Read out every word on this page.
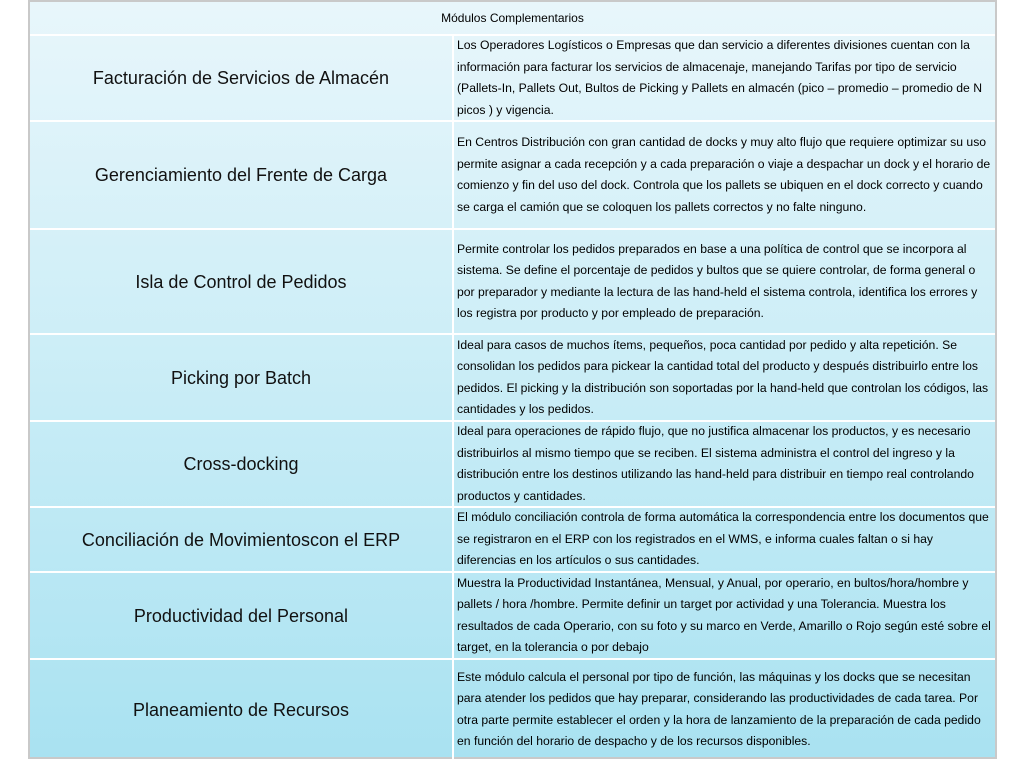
Módulos Complementarios
Facturación de Servicios de Almacén
Los Operadores Logísticos o Empresas que dan servicio a diferentes divisiones cuentan con la información para facturar los servicios de almacenaje, manejando Tarifas por tipo de servicio (Pallets-In, Pallets Out, Bultos de Picking y Pallets en almacén (pico – promedio – promedio de N picos ) y vigencia.
Gerenciamiento del Frente de Carga
En Centros Distribución con gran cantidad de docks y muy alto flujo que requiere optimizar su uso permite asignar a cada recepción y a cada preparación o viaje a despachar un dock y el horario de comienzo y fin del uso del dock. Controla que los pallets se ubiquen en el dock correcto y cuando se carga el camión que se coloquen los pallets correctos y no falte ninguno.
Isla de Control de Pedidos
Permite controlar los pedidos preparados en base a una política de control que se incorpora al sistema. Se define el porcentaje de pedidos y bultos que se quiere controlar, de forma general o por preparador y mediante la lectura de las hand-held el sistema controla, identifica los errores y los registra por producto y por empleado de preparación.
Picking por Batch
Ideal para casos de muchos ítems, pequeños, poca cantidad por pedido y alta repetición. Se consolidan los pedidos para pickear la cantidad total del producto y después distribuirlo entre los pedidos. El picking y la distribución son soportadas por la hand-held que controlan los códigos, las cantidades y los pedidos.
Cross-docking
Ideal para operaciones de rápido flujo, que no justifica almacenar los productos, y es necesario distribuirlos al mismo tiempo que se reciben. El sistema administra el control del ingreso y la distribución entre los destinos utilizando las hand-held para distribuir en tiempo real controlando productos y cantidades.
Conciliación de Movimientos con el ERP
El módulo conciliación controla de forma automática la correspondencia entre los documentos que se registraron en el ERP con los registrados en el WMS, e informa cuales faltan o si hay diferencias en los artículos o sus cantidades.
Productividad del Personal
Muestra la Productividad Instantánea, Mensual, y Anual, por operario, en bultos/hora/hombre y pallets / hora /hombre. Permite definir un target por actividad y una Tolerancia. Muestra los resultados de cada Operario, con su foto y su marco en Verde, Amarillo o Rojo según esté sobre el target, en la tolerancia o por debajo
Planeamiento de Recursos
Este módulo calcula el personal por tipo de función, las máquinas y los docks que se necesitan para atender los pedidos que hay preparar, considerando las productividades de cada tarea. Por otra parte permite establecer el orden y la hora de lanzamiento de la preparación de cada pedido en función del horario de despacho y de los recursos disponibles.
